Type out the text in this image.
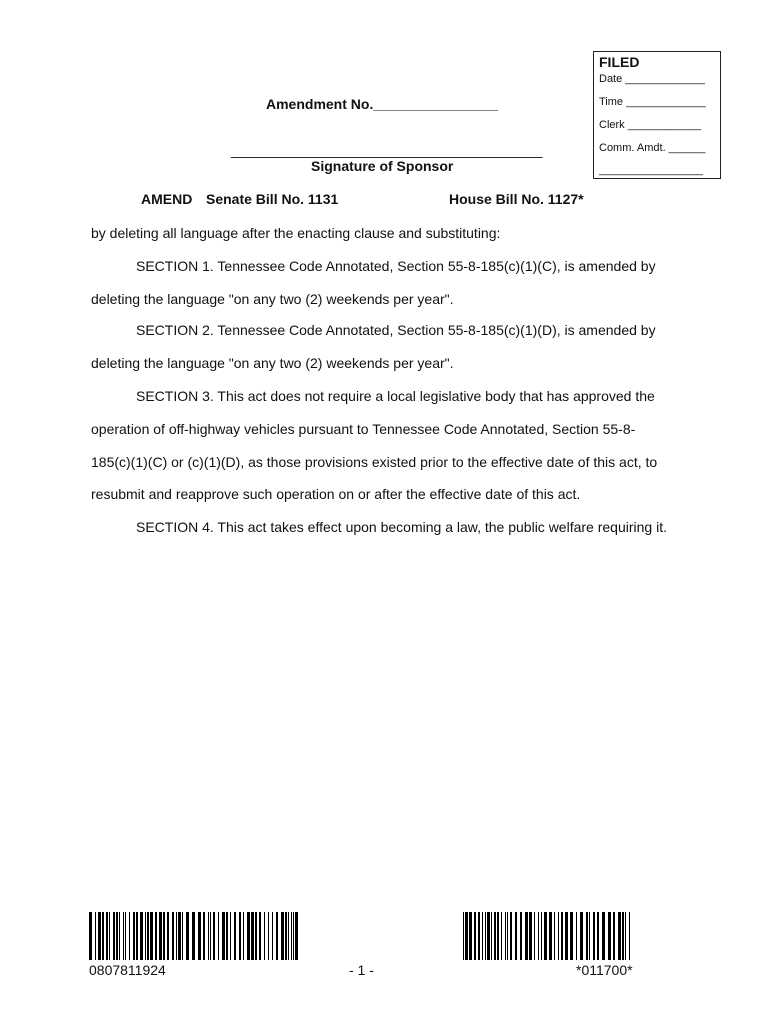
FILED
Date _____________
Time _____________
Clerk ____________
Comm. Amdt. ______
_________________
Amendment No.________________
________________________________________
Signature of Sponsor
AMEND Senate Bill No. 1131	House Bill No. 1127*
by deleting all language after the enacting clause and substituting:
SECTION 1. Tennessee Code Annotated, Section 55-8-185(c)(1)(C), is amended by
deleting the language "on any two (2) weekends per year".
SECTION 2. Tennessee Code Annotated, Section 55-8-185(c)(1)(D), is amended by
deleting the language "on any two (2) weekends per year".
SECTION 3. This act does not require a local legislative body that has approved the
operation of off-highway vehicles pursuant to Tennessee Code Annotated, Section 55-8-
185(c)(1)(C) or (c)(1)(D), as those provisions existed prior to the effective date of this act, to
resubmit and reapprove such operation on or after the effective date of this act.
SECTION 4. This act takes effect upon becoming a law, the public welfare requiring it.
0807811924	- 1 -	*011700*
